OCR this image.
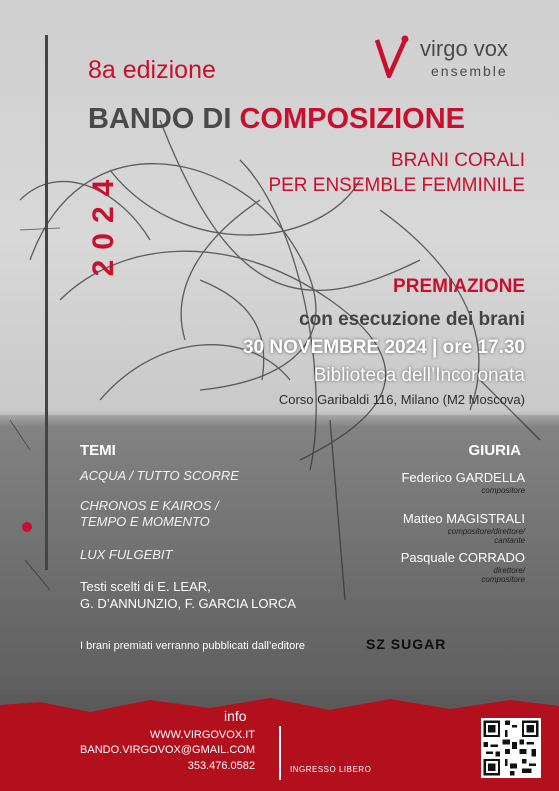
virgo vox
ensemble
8a edizione
BANDO DI COMPOSIZIONE
BRANI CORALI
PER ENSEMBLE FEMMINILE
2024
PREMIAZIONE
con esecuzione dei brani
30 NOVEMBRE 2024 | ore 17.30
Biblioteca dell’Incoronata
Corso Garibaldi 116, Milano (M2 Moscova)
TEMI
ACQUA / TUTTO SCORRE
CHRONOS E KAIROS /
TEMPO E MOMENTO
LUX FULGEBIT
Testi scelti di E. LEAR,
G. D’ANNUNZIO, F. GARCIA LORCA
GIURIA
Federico GARDELLA
compositore
Matteo MAGISTRALI
compositore/direttore/
cantante
Pasquale CORRADO
direttore/
compositore
I brani premiati verranno pubblicati dall’editore	SZ SUGAR
info
WWW.VIRGOVOX.IT
BANDO.VIRGOVOX@GMAIL.COM
353.476.0582	INGRESSO LIBERO
